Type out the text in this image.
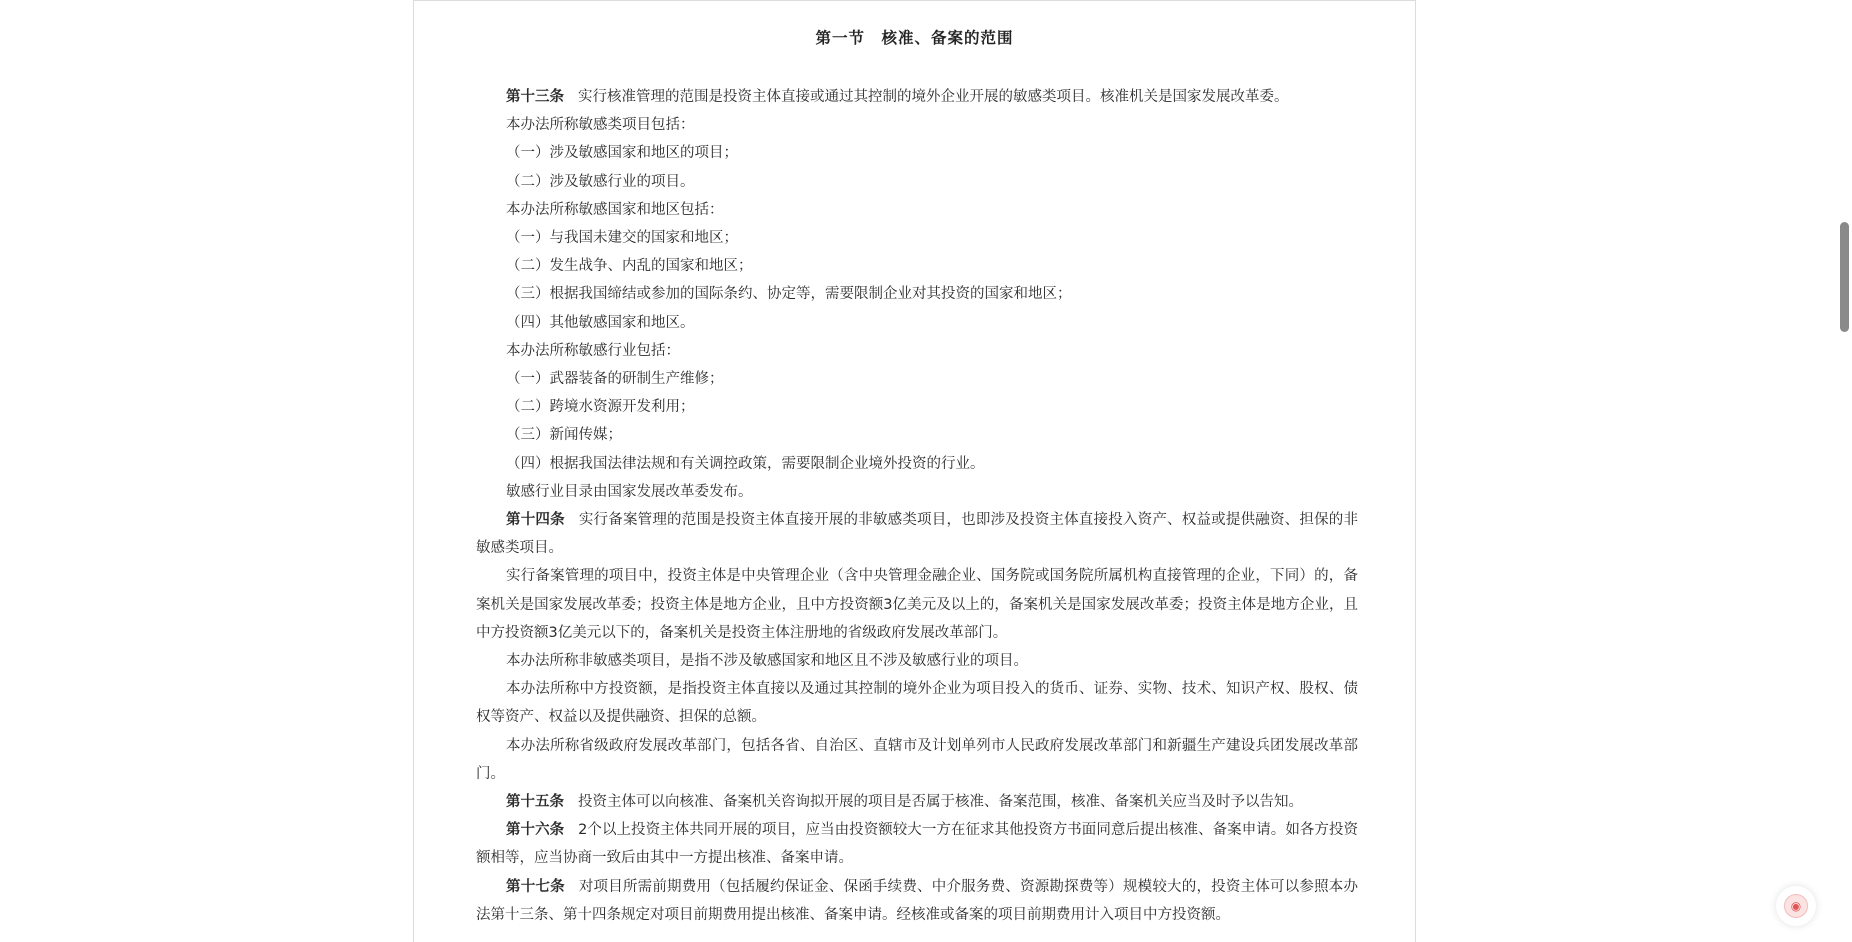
第一节　核准、备案的范围

第十三条 实行核准管理的范围是投资主体直接或通过其控制的境外企业开展的敏感类项目。核准机关是国家发展改革委。

本办法所称敏感类项目包括：

（一）涉及敏感国家和地区的项目；

（二）涉及敏感行业的项目。

本办法所称敏感国家和地区包括：

（一）与我国未建交的国家和地区；

（二）发生战争、内乱的国家和地区；

（三）根据我国缔结或参加的国际条约、协定等，需要限制企业对其投资的国家和地区；

（四）其他敏感国家和地区。

本办法所称敏感行业包括：

（一）武器装备的研制生产维修；

（二）跨境水资源开发利用；

（三）新闻传媒；

（四）根据我国法律法规和有关调控政策，需要限制企业境外投资的行业。

敏感行业目录由国家发展改革委发布。

第十四条 实行备案管理的范围是投资主体直接开展的非敏感类项目，也即涉及投资主体直接投入资产、权益或提供融资、担保的非敏感类项目。

实行备案管理的项目中，投资主体是中央管理企业（含中央管理金融企业、国务院或国务院所属机构直接管理的企业，下同）的，备案机关是国家发展改革委；投资主体是地方企业，且中方投资额3亿美元及以上的，备案机关是国家发展改革委；投资主体是地方企业，且中方投资额3亿美元以下的，备案机关是投资主体注册地的省级政府发展改革部门。

本办法所称非敏感类项目，是指不涉及敏感国家和地区且不涉及敏感行业的项目。

本办法所称中方投资额，是指投资主体直接以及通过其控制的境外企业为项目投入的货币、证券、实物、技术、知识产权、股权、债权等资产、权益以及提供融资、担保的总额。

本办法所称省级政府发展改革部门，包括各省、自治区、直辖市及计划单列市人民政府发展改革部门和新疆生产建设兵团发展改革部门。

第十五条 投资主体可以向核准、备案机关咨询拟开展的项目是否属于核准、备案范围，核准、备案机关应当及时予以告知。

第十六条 2个以上投资主体共同开展的项目，应当由投资额较大一方在征求其他投资方书面同意后提出核准、备案申请。如各方投资额相等，应当协商一致后由其中一方提出核准、备案申请。

第十七条 对项目所需前期费用（包括履约保证金、保函手续费、中介服务费、资源勘探费等）规模较大的，投资主体可以参照本办法第十三条、第十四条规定对项目前期费用提出核准、备案申请。经核准或备案的项目前期费用计入项目中方投资额。

◉
